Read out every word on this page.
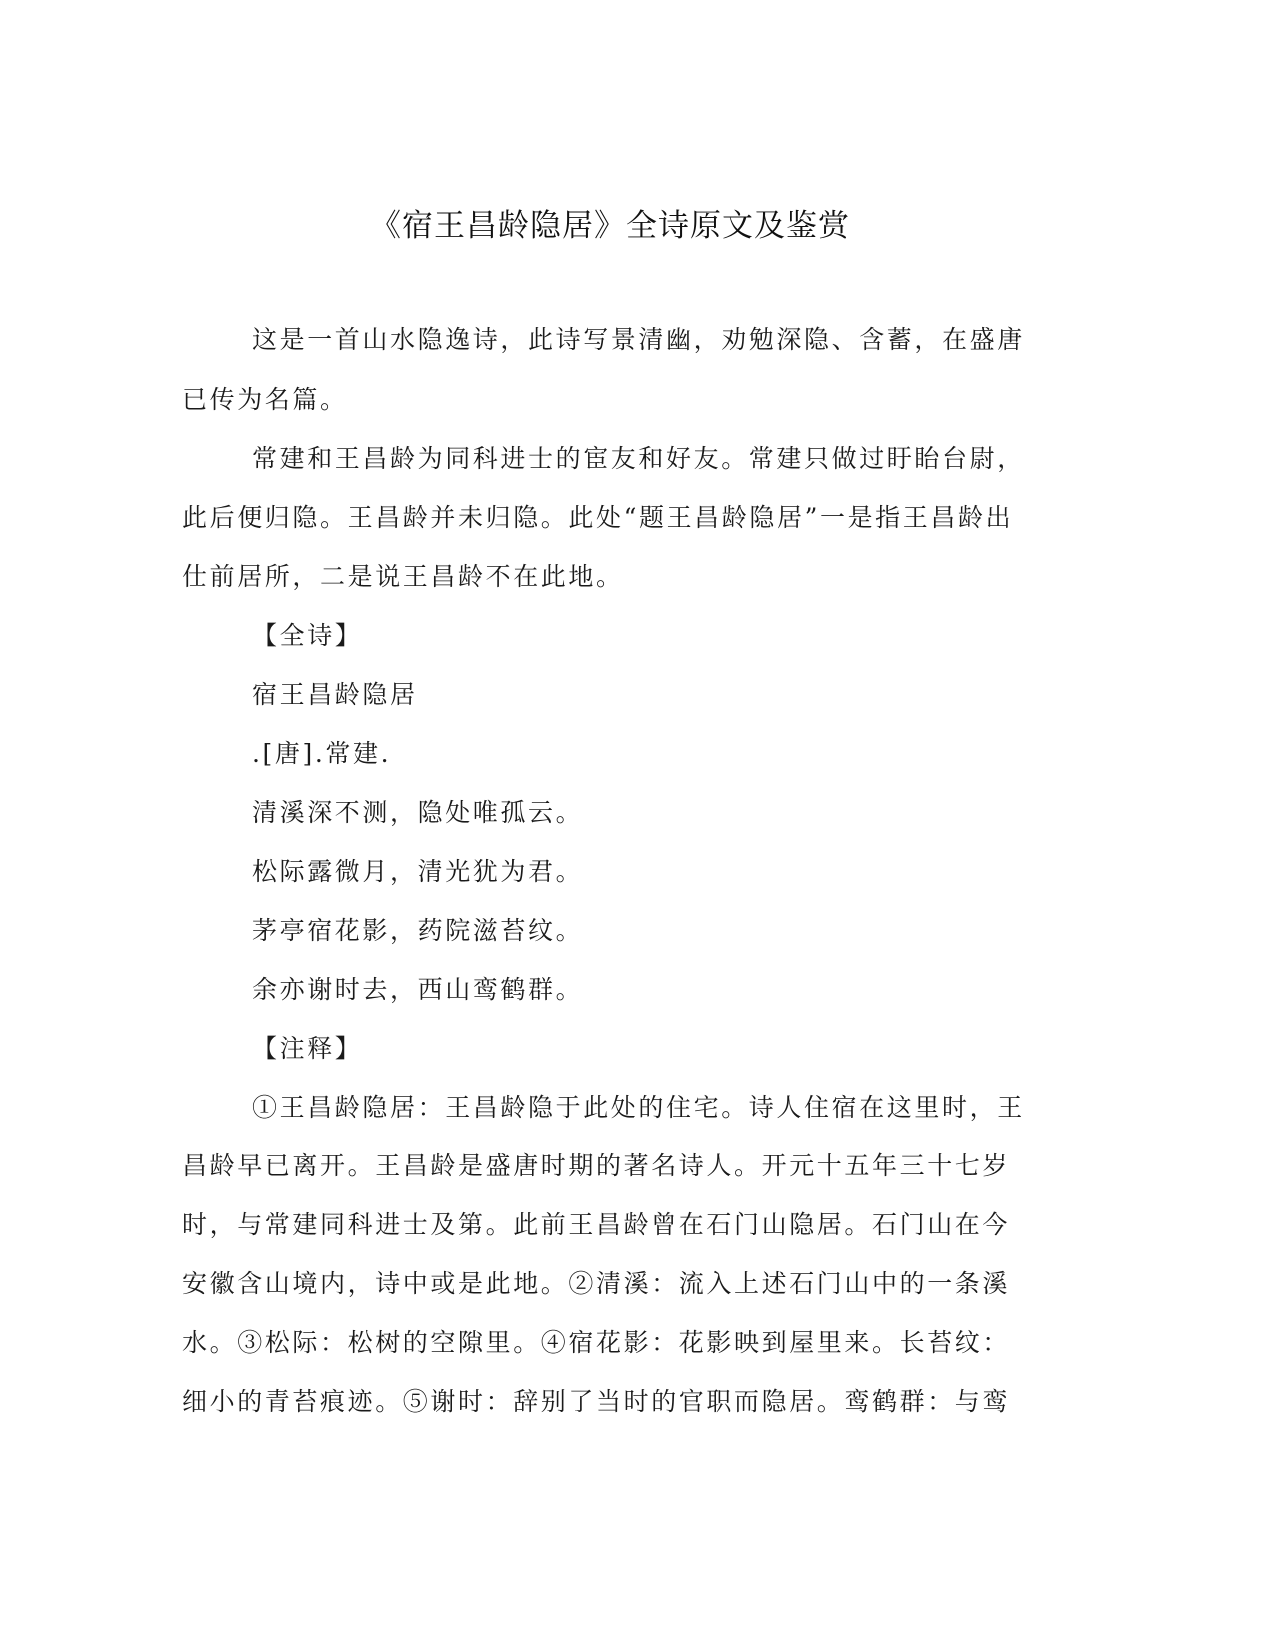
《宿王昌龄隐居》全诗原文及鉴赏
这是一首山水隐逸诗，此诗写景清幽，劝勉深隐、含蓄，在盛唐
已传为名篇。
常建和王昌龄为同科进士的宦友和好友。常建只做过盱眙台尉，
此后便归隐。王昌龄并未归隐。此处“题王昌龄隐居”一是指王昌龄出
仕前居所，二是说王昌龄不在此地。
【全诗】
宿王昌龄隐居
.[唐].常建.
清溪深不测，隐处唯孤云。
松际露微月，清光犹为君。
茅亭宿花影，药院滋苔纹。
余亦谢时去，西山鸾鹤群。
【注释】
①王昌龄隐居：王昌龄隐于此处的住宅。诗人住宿在这里时，王
昌龄早已离开。王昌龄是盛唐时期的著名诗人。开元十五年三十七岁
时，与常建同科进士及第。此前王昌龄曾在石门山隐居。石门山在今
安徽含山境内，诗中或是此地。②清溪：流入上述石门山中的一条溪
水。③松际：松树的空隙里。④宿花影：花影映到屋里来。长苔纹：
细小的青苔痕迹。⑤谢时：辞别了当时的官职而隐居。鸾鹤群：与鸾
